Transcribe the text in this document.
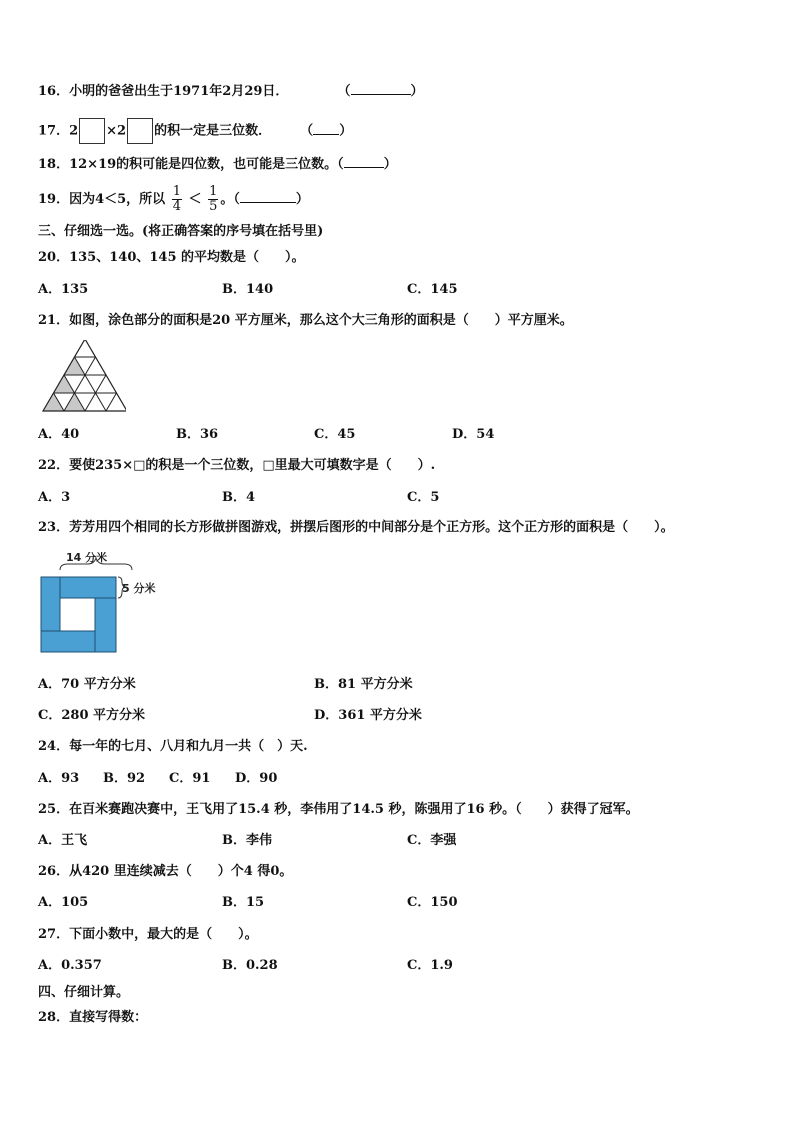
16．小明的爸爸出生于1971年2月29日．	（	）
17．2 ×2 的积一定是三位数． （ ）
18．12×19的积可能是四位数，也可能是三位数。（	）
19．因为4＜5，所以 $\frac{1}{4} < \frac{1}{5}$ 。（	）
三、仔细选一选。(将正确答案的序号填在括号里)
20．135、140、145 的平均数是（　　）。
A．135	B．140	C．145
21．如图，涂色部分的面积是20 平方厘米，那么这个大三角形的面积是（　　）平方厘米。
A．40	B．36	C．45	D．54
22．要使235×□的积是一个三位数，□里最大可填数字是（　　）.
A．3	B．4	C．5
23．芳芳用四个相同的长方形做拼图游戏，拼摆后图形的中间部分是个正方形。这个正方形的面积是（　　）。
14 分米
5 分米
A．70 平方分米	B．81 平方分米
C．280 平方分米	D．361 平方分米
24．每一年的七月、八月和九月一共（　）天.
A．93 B．92 C．91 D．90
25．在百米赛跑决赛中，王飞用了15.4 秒，李伟用了14.5 秒，陈强用了16 秒。（　　）获得了冠军。
A．王飞	B．李伟	C．李强
26．从420 里连续减去（　　）个4 得0。
A．105	B．15	C．150
27．下面小数中，最大的是（　　）。
A．0.357	B．0.28	C．1.9
四、仔细计算。
28．直接写得数：
